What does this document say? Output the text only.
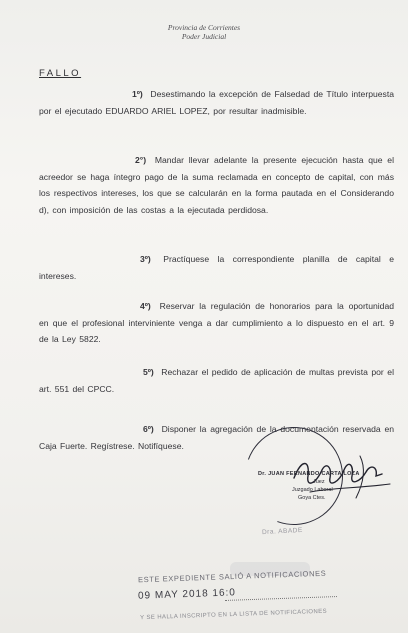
Provincia de Corrientes
Poder Judicial
FALLO
1º) Desestimando la excepción de Falsedad de Título interpuesta por el ejecutado EDUARDO ARIEL LOPEZ, por resultar inadmisible.
2°) Mandar llevar adelante la presente ejecución hasta que el acreedor se haga íntegro pago de la suma reclamada en concepto de capital, con más los respectivos intereses, los que se calcularán en la forma pautada en el Considerando d), con imposición de las costas a la ejecutada perdidosa.
3º) Practíquese la correspondiente planilla de capital e intereses.
4º) Reservar la regulación de honorarios para la oportunidad en que el profesional interviniente venga a dar cumplimiento a lo dispuesto en el art. 9 de la Ley 5822.
5º) Rechazar el pedido de aplicación de multas prevista por el art. 551 del CPCC.
6º) Disponer la agregación de la documentación reservada en Caja Fuerte. Regístrese. Notifíquese.
Dr. JUAN FERNANDO CARTA LOZA
Juez
Juzgado Laboral
Goya Ctes.
Dra. ABADE
ESTE EXPEDIENTE SALIÓ A NOTIFICACIONES
09 MAY 2018 16:0
Y SE HALLA INSCRIPTO EN LA LISTA DE NOTIFICACIONES
